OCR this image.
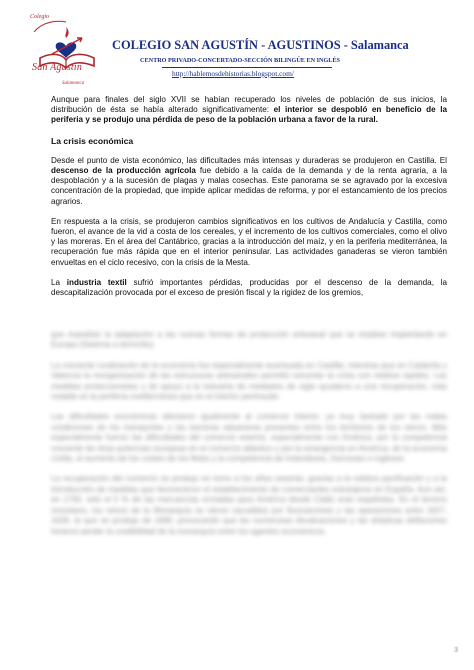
Colegio
San Agustín
Salamanca
COLEGIO SAN AGUSTÍN - AGUSTINOS - Salamanca
CENTRO PRIVADO-CONCERTADO-SECCIÓN BILINGÜE EN INGLÉS
http://hablemosdehistorias.blogspot.com/

Aunque para finales del siglo XVII se habían recuperado los niveles de población de sus inicios, la distribución de ésta se había alterado significativamente: el interior se despobló en beneficio de la periferia y se produjo una pérdida de peso de la población urbana a favor de la rural.

La crisis económica

Desde el punto de vista económico, las dificultades más intensas y duraderas se produjeron en Castilla. El descenso de la producción agrícola fue debido a la caída de la demanda y de la renta agraria, a la despoblación y a la sucesión de plagas y malas cosechas. Este panorama se se agravado por la excesiva concentración de la propiedad, que impide aplicar medidas de reforma, y por el estancamiento de los precios agrarios.

En respuesta a la crisis, se produjeron cambios significativos en los cultivos de Andalucía y Castilla, como fueron, el avance de la vid a costa de los cereales, y el incremento de los cultivos comerciales, como el olivo y las moreras. En el área del Cantábrico, gracias a la introducción del maíz, y en la periferia mediterránea, la recuperación fue más rápida que en el interior peninsular. Las actividades ganaderas se vieron también envueltas en el ciclo recesivo, con la crisis de la Mesta.

La industria textil sufrió importantes pérdidas, producidas por el descenso de la demanda, la descapitalización provocada por el exceso de presión fiscal y la rigidez de los gremios,

que impedían la adaptación a las nuevas formas de producción artesanal que se estaban implantando en Europa (Sistema a domicilio).

La creciente ruralización de la economía fue especialmente acentuada en Castilla, mientras que en Cataluña y Valencia la reorganización de las estructuras artesanales permitió remontar la crisis con relativa rapidez. Las medidas proteccionistas y de apoyo a la industria de mediados de siglo ayudaron a una recuperación, más notable en la periferia mediterránea que en el interior peninsular.

Las dificultades económicas afectaron igualmente al comercio interior, ya muy lastrado por las malas condiciones de los transportes y las barreras aduaneras presentes entre los territorios de los reinos. Más especialmente fueron las dificultades del comercio exterior, especialmente con América, por la competencia creciente de otras potencias europeas en el comercio atlántico y por la emergencia en América, de la economía criolla, el aumento de los costes de los fletes y la competencia de holandeses, franceses e ingleses.

La recuperación del comercio se produjo en torno a los años sesenta, gracias a la relativa pacificación y a la introducción de medidas que favorecieron el establecimiento de comerciantes extranjeros en España. Aun así, en 1700, sólo el 5 % de las mercancías enviadas para América desde Cádiz eran españolas. En el terreno monetario, los reinos de la Monarquía se vieron sacudidos por fluctuaciones y las operaciones entre 1627, 1628, la que se produjo de 1680, provocando que las numerosas devaluaciones y las drásticas deflaciones hicieron perder la credibilidad de la monarquía entre los agentes económicos.

3
